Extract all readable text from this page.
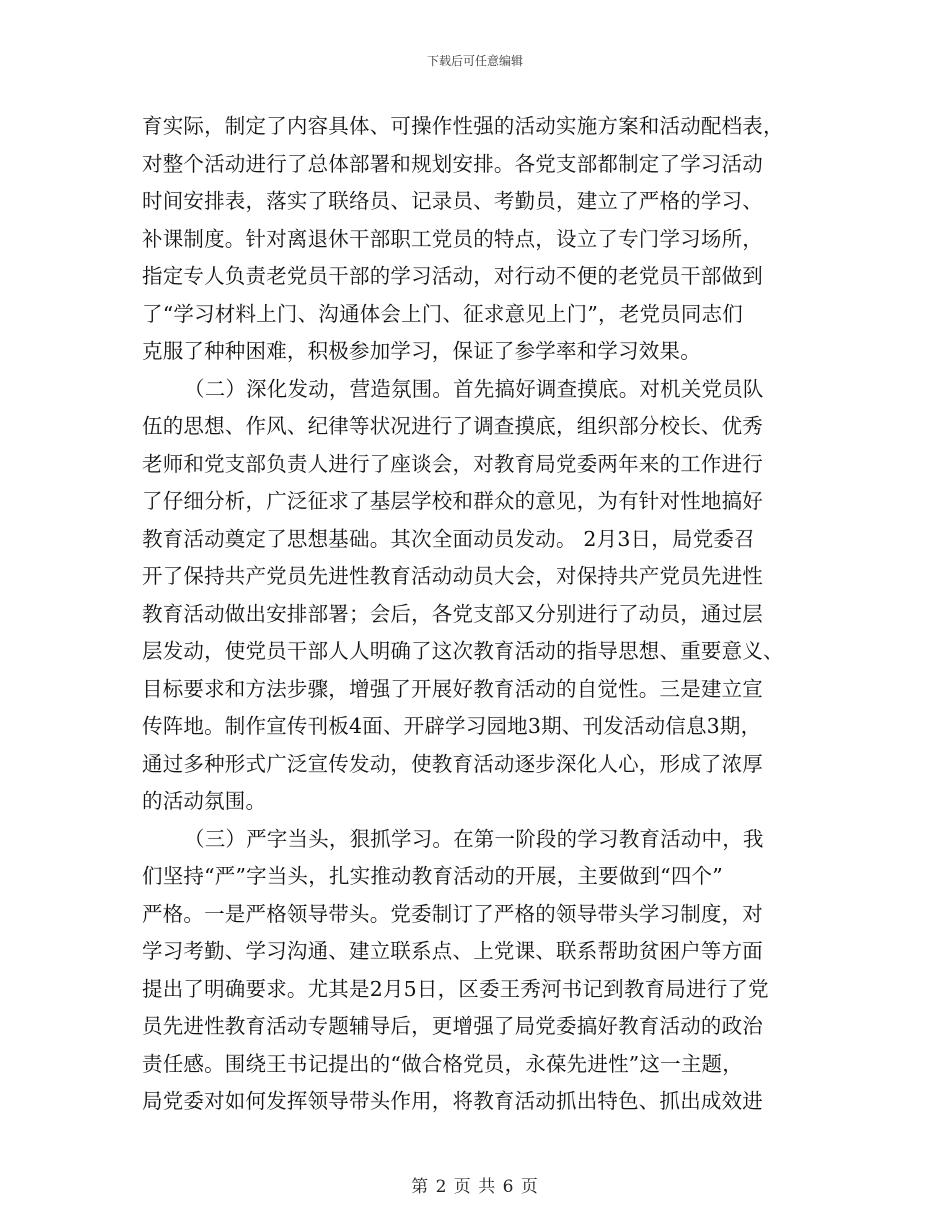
下载后可任意编辑
育实际，制定了内容具体、可操作性强的活动实施方案和活动配档表，
对整个活动进行了总体部署和规划安排。各党支部都制定了学习活动
时间安排表，落实了联络员、记录员、考勤员，建立了严格的学习、
补课制度。针对离退休干部职工党员的特点，设立了专门学习场所，
指定专人负责老党员干部的学习活动，对行动不便的老党员干部做到
了“学习材料上门、沟通体会上门、征求意见上门”，老党员同志们
克服了种种困难，积极参加学习，保证了参学率和学习效果。
（二）深化发动，营造氛围。首先搞好调查摸底。对机关党员队
伍的思想、作风、纪律等状况进行了调查摸底，组织部分校长、优秀
老师和党支部负责人进行了座谈会，对教育局党委两年来的工作进行
了仔细分析，广泛征求了基层学校和群众的意见，为有针对性地搞好
教育活动奠定了思想基础。其次全面动员发动。 2月3日，局党委召
开了保持共产党员先进性教育活动动员大会，对保持共产党员先进性
教育活动做出安排部署；会后，各党支部又分别进行了动员，通过层
层发动，使党员干部人人明确了这次教育活动的指导思想、重要意义、
目标要求和方法步骤，增强了开展好教育活动的自觉性。三是建立宣
传阵地。制作宣传刊板4面、开辟学习园地3期、刊发活动信息3期，
通过多种形式广泛宣传发动，使教育活动逐步深化人心，形成了浓厚
的活动氛围。
（三）严字当头，狠抓学习。在第一阶段的学习教育活动中，我
们坚持“严”字当头，扎实推动教育活动的开展，主要做到“四个”
严格。一是严格领导带头。党委制订了严格的领导带头学习制度，对
学习考勤、学习沟通、建立联系点、上党课、联系帮助贫困户等方面
提出了明确要求。尤其是2月5日，区委王秀河书记到教育局进行了党
员先进性教育活动专题辅导后，更增强了局党委搞好教育活动的政治
责任感。围绕王书记提出的“做合格党员，永葆先进性”这一主题，
局党委对如何发挥领导带头作用，将教育活动抓出特色、抓出成效进
第 2 页 共 6 页
